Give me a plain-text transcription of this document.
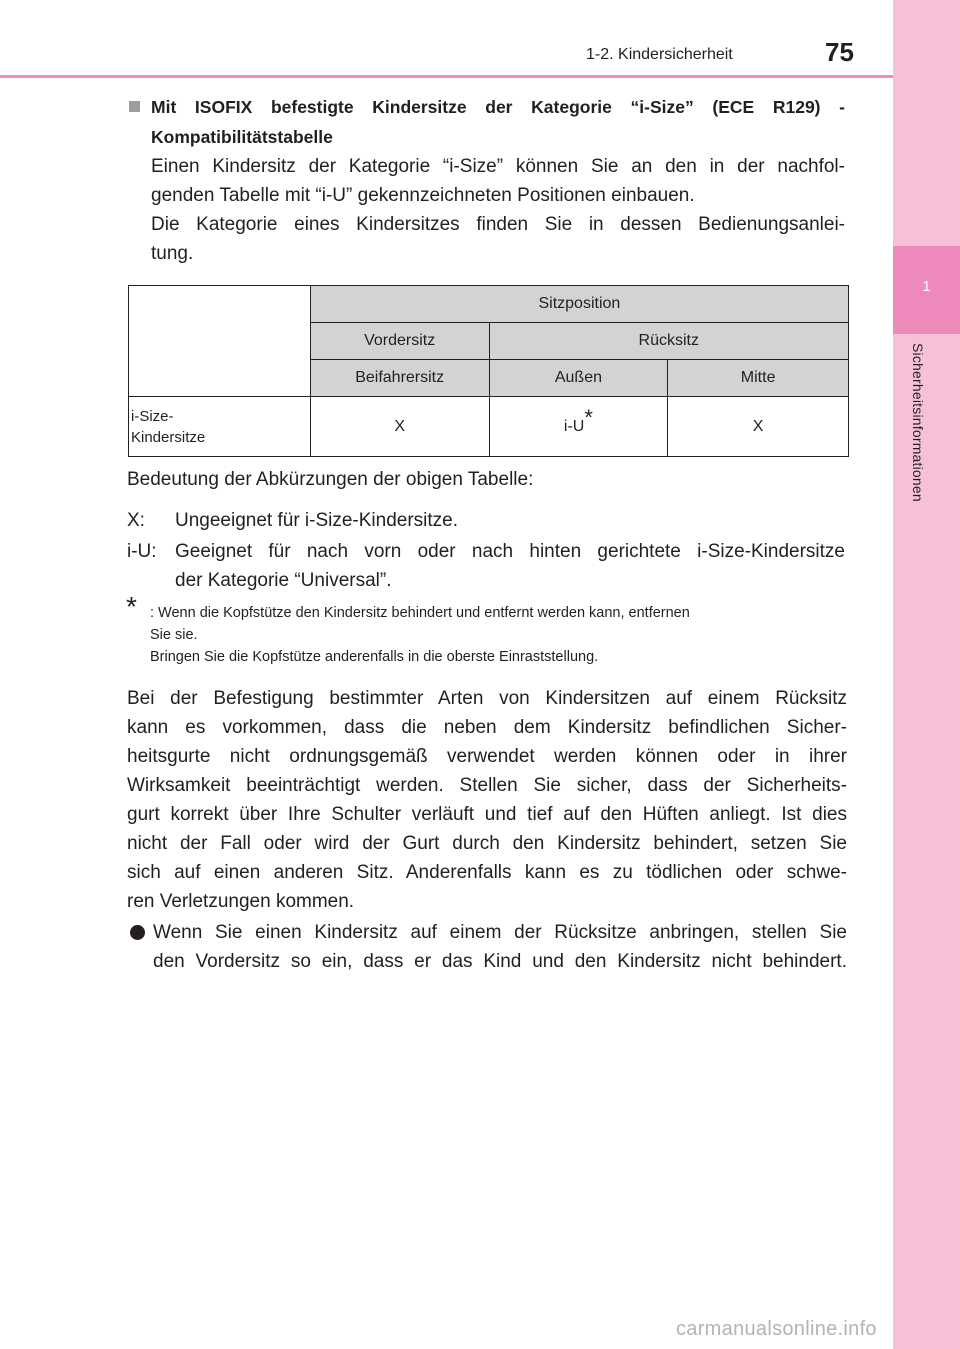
1-2. Kindersicherheit	75
1
Sicherheitsinformationen
Mit ISOFIX befestigte Kindersitze der Kategorie “i-Size” (ECE R129) -
Kompatibilitätstabelle
Einen Kindersitz der Kategorie “i-Size” können Sie an den in der nachfol-
genden Tabelle mit “i-U” gekennzeichneten Positionen einbauen.
Die Kategorie eines Kindersitzes finden Sie in dessen Bedienungsanlei-
tung.
	Sitzposition		
	Vordersitz	Rücksitz	
	Beifahrersitz	Außen	Mitte
i-Size-
Kindersitze	X	i-U*	X
Bedeutung der Abkürzungen der obigen Tabelle:
X: Ungeeignet für i-Size-Kindersitze.
i-U: Geeignet für nach vorn oder nach hinten gerichtete i-Size-Kindersitze
der Kategorie “Universal”.
* : Wenn die Kopfstütze den Kindersitz behindert und entfernt werden kann, entfernen
Sie sie.
Bringen Sie die Kopfstütze anderenfalls in die oberste Einraststellung.
Bei der Befestigung bestimmter Arten von Kindersitzen auf einem Rücksitz
kann es vorkommen, dass die neben dem Kindersitz befindlichen Sicher-
heitsgurte nicht ordnungsgemäß verwendet werden können oder in ihrer
Wirksamkeit beeinträchtigt werden. Stellen Sie sicher, dass der Sicherheits-
gurt korrekt über Ihre Schulter verläuft und tief auf den Hüften anliegt. Ist dies
nicht der Fall oder wird der Gurt durch den Kindersitz behindert, setzen Sie
sich auf einen anderen Sitz. Anderenfalls kann es zu tödlichen oder schwe-
ren Verletzungen kommen.
Wenn Sie einen Kindersitz auf einem der Rücksitze anbringen, stellen Sie
den Vordersitz so ein, dass er das Kind und den Kindersitz nicht behindert.
carmanualsonline.info
